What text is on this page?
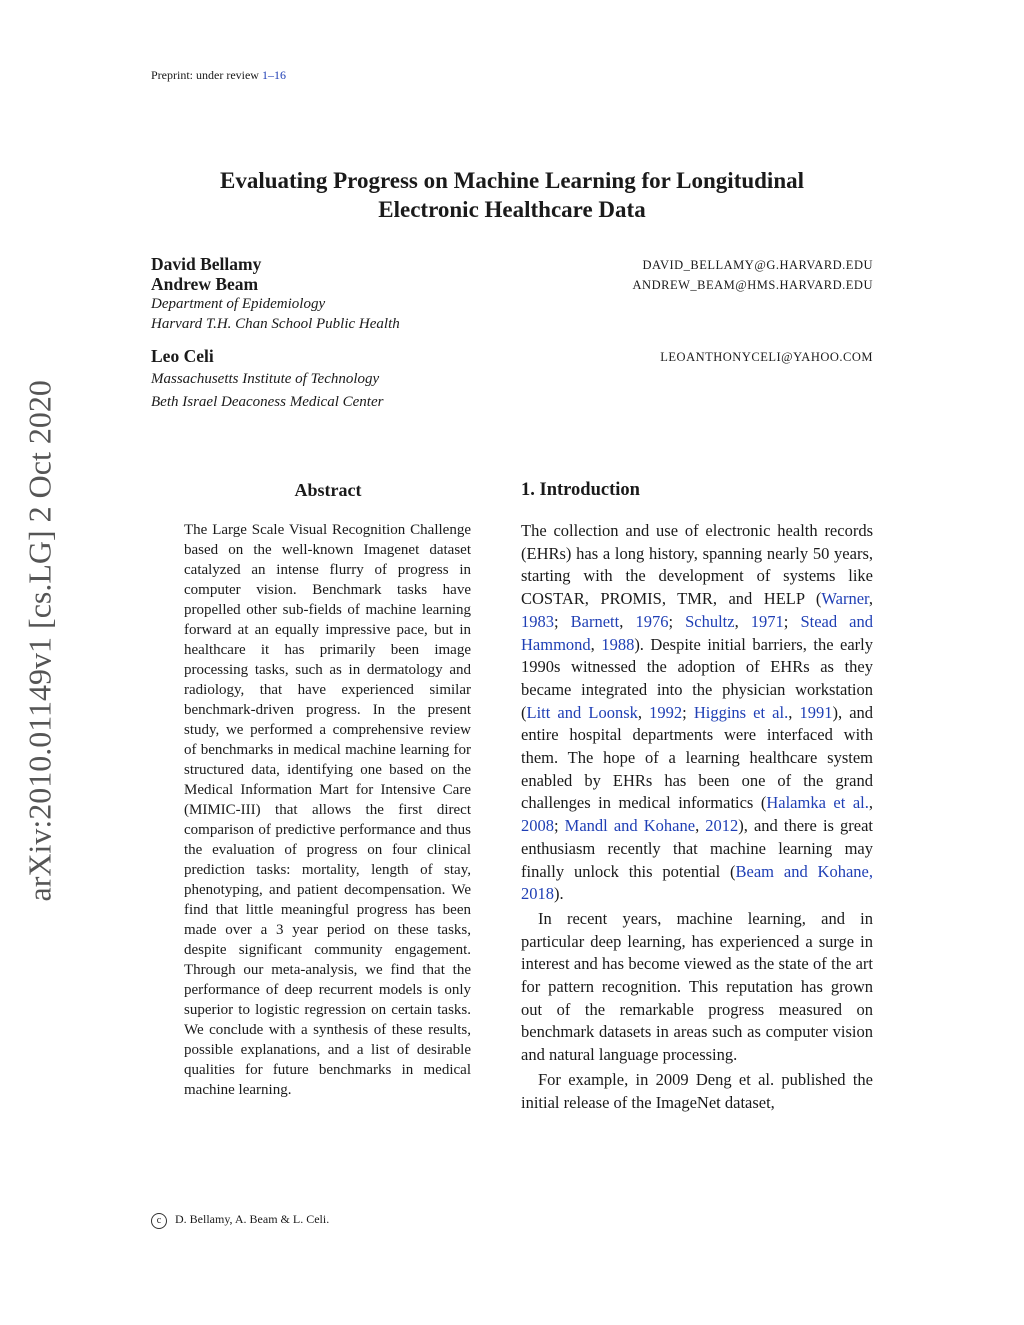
Preprint: under review 1–16
Evaluating Progress on Machine Learning for Longitudinal
Electronic Healthcare Data
David Bellamy	DAVID_BELLAMY@G.HARVARD.EDU
Andrew Beam	ANDREW_BEAM@HMS.HARVARD.EDU
Department of Epidemiology
Harvard T.H. Chan School Public Health
Leo Celi	LEOANTHONYCELI@YAHOO.COM
Massachusetts Institute of Technology
Beth Israel Deaconess Medical Center
arXiv:2010.01149v1 [cs.LG] 2 Oct 2020	Abstract
The Large Scale Visual Recognition Challenge based on the well-known Imagenet dataset catalyzed an intense flurry of progress in computer vision. Benchmark tasks have propelled other sub-fields of machine learning forward at an equally impressive pace, but in healthcare it has primarily been image processing tasks, such as in dermatology and radiology, that have experienced similar benchmark-driven progress. In the present study, we performed a comprehensive review of benchmarks in medical machine learning for structured data, identifying one based on the Medical Information Mart for Intensive Care (MIMIC-III) that allows the first direct comparison of predictive performance and thus the evaluation of progress on four clinical prediction tasks: mortality, length of stay, phenotyping, and patient decompensation. We find that little meaningful progress has been made over a 3 year period on these tasks, despite significant community engagement. Through our meta-analysis, we find that the performance of deep recurrent models is only superior to logistic regression on certain tasks. We conclude with a synthesis of these results, possible explanations, and a list of desirable qualities for future benchmarks in medical machine learning.
1. Introduction

The collection and use of electronic health records (EHRs) has a long history, spanning nearly 50 years, starting with the development of systems like COSTAR, PROMIS, TMR, and HELP (Warner, 1983; Barnett, 1976; Schultz, 1971; Stead and Hammond, 1988). Despite initial barriers, the early 1990s witnessed the adoption of EHRs as they became integrated into the physician workstation (Litt and Loonsk, 1992; Higgins et al., 1991), and entire hospital departments were interfaced with them. The hope of a learning healthcare system enabled by EHRs has been one of the grand challenges in medical informatics (Halamka et al., 2008; Mandl and Kohane, 2012), and there is great enthusiasm recently that machine learning may finally unlock this potential (Beam and Kohane, 2018).

In recent years, machine learning, and in particular deep learning, has experienced a surge in interest and has become viewed as the state of the art for pattern recognition. This reputation has grown out of the remarkable progress measured on benchmark datasets in areas such as computer vision and natural language processing.

For example, in 2009 Deng et al. published the initial release of the ImageNet dataset,

c D. Bellamy, A. Beam & L. Celi.
